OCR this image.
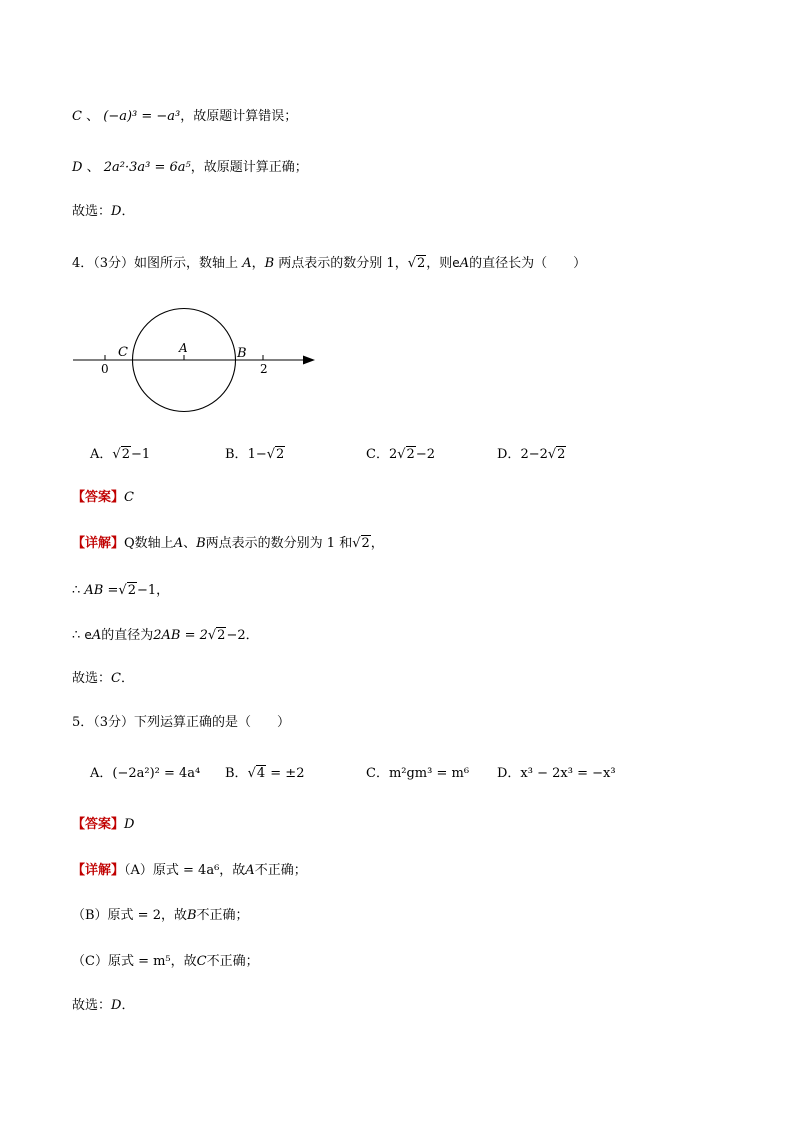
C 、 (−a)³ = −a³，故原题计算错误；
D 、 2a²·3a³ = 6a⁵，故原题计算正确；
故选：D．
4．（3分）如图所示，数轴上 A，B 两点表示的数分别 1，√2，则eA的直径长为（　　）
C	A	B
0	2
A．√2−1	B．1−√2	C．2√2−2	D．2−2√2
【答案】C
【详解】Q数轴上A、B两点表示的数分别为 1 和√2，
∴ AB =√2−1，
∴ eA的直径为2AB = 2√2−2．
故选：C．
5．（3分）下列运算正确的是（　　）
A．(−2a²)² = 4a⁴ B．√4 = ±2	C．m²gm³ = m⁶ D．x³ − 2x³ = −x³
【答案】D
【详解】（A）原式 = 4a⁶，故A不正确；
（B）原式 = 2，故B不正确；
（C）原式 = m⁵，故C不正确；
故选：D．
